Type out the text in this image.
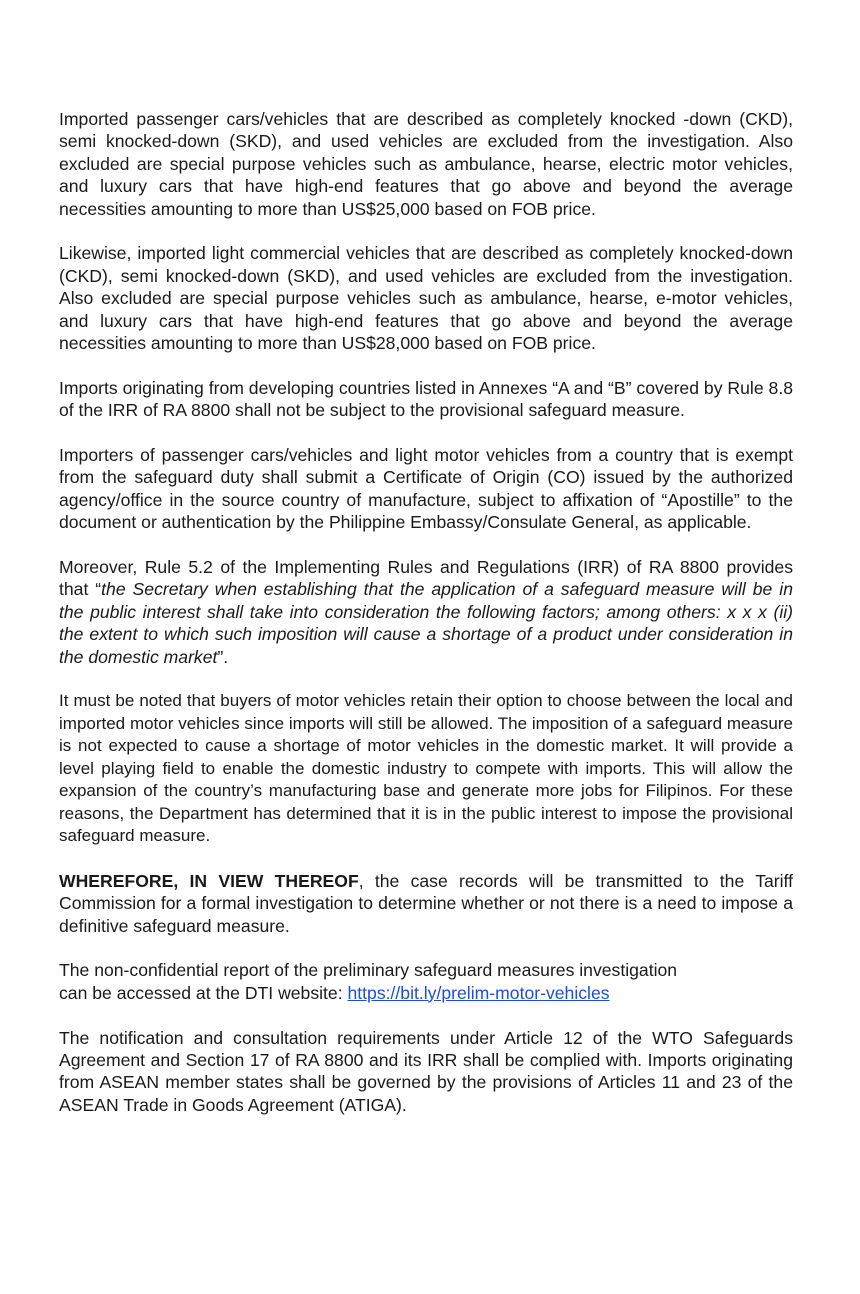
Imported passenger cars/vehicles that are described as completely knocked -down (CKD), semi knocked-down (SKD), and used vehicles are excluded from the investigation. Also excluded are special purpose vehicles such as ambulance, hearse, electric motor vehicles, and luxury cars that have high-end features that go above and beyond the average necessities amounting to more than US$25,000 based on FOB price.

Likewise, imported light commercial vehicles that are described as completely knocked-down (CKD), semi knocked-down (SKD), and used vehicles are excluded from the investigation. Also excluded are special purpose vehicles such as ambulance, hearse, e-motor vehicles, and luxury cars that have high-end features that go above and beyond the average necessities amounting to more than US$28,000 based on FOB price.

Imports originating from developing countries listed in Annexes “A and “B” covered by Rule 8.8 of the IRR of RA 8800 shall not be subject to the provisional safeguard measure.

Importers of passenger cars/vehicles and light motor vehicles from a country that is exempt from the safeguard duty shall submit a Certificate of Origin (CO) issued by the authorized agency/office in the source country of manufacture, subject to affixation of “Apostille” to the document or authentication by the Philippine Embassy/Consulate General, as applicable.

Moreover, Rule 5.2 of the Implementing Rules and Regulations (IRR) of RA 8800 provides that “the Secretary when establishing that the application of a safeguard measure will be in the public interest shall take into consideration the following factors; among others: x x x (ii) the extent to which such imposition will cause a shortage of a product under consideration in the domestic market”.

It must be noted that buyers of motor vehicles retain their option to choose between the local and imported motor vehicles since imports will still be allowed. The imposition of a safeguard measure is not expected to cause a shortage of motor vehicles in the domestic market. It will provide a level playing field to enable the domestic industry to compete with imports. This will allow the expansion of the country’s manufacturing base and generate more jobs for Filipinos. For these reasons, the Department has determined that it is in the public interest to impose the provisional safeguard measure.

WHEREFORE, IN VIEW THEREOF, the case records will be transmitted to the Tariff Commission for a formal investigation to determine whether or not there is a need to impose a definitive safeguard measure.

The non-confidential report of the preliminary safeguard measures investigation
can be accessed at the DTI website: https://bit.ly/prelim-motor-vehicles

The notification and consultation requirements under Article 12 of the WTO Safeguards Agreement and Section 17 of RA 8800 and its IRR shall be complied with. Imports originating from ASEAN member states shall be governed by the provisions of Articles 11 and 23 of the ASEAN Trade in Goods Agreement (ATIGA).
